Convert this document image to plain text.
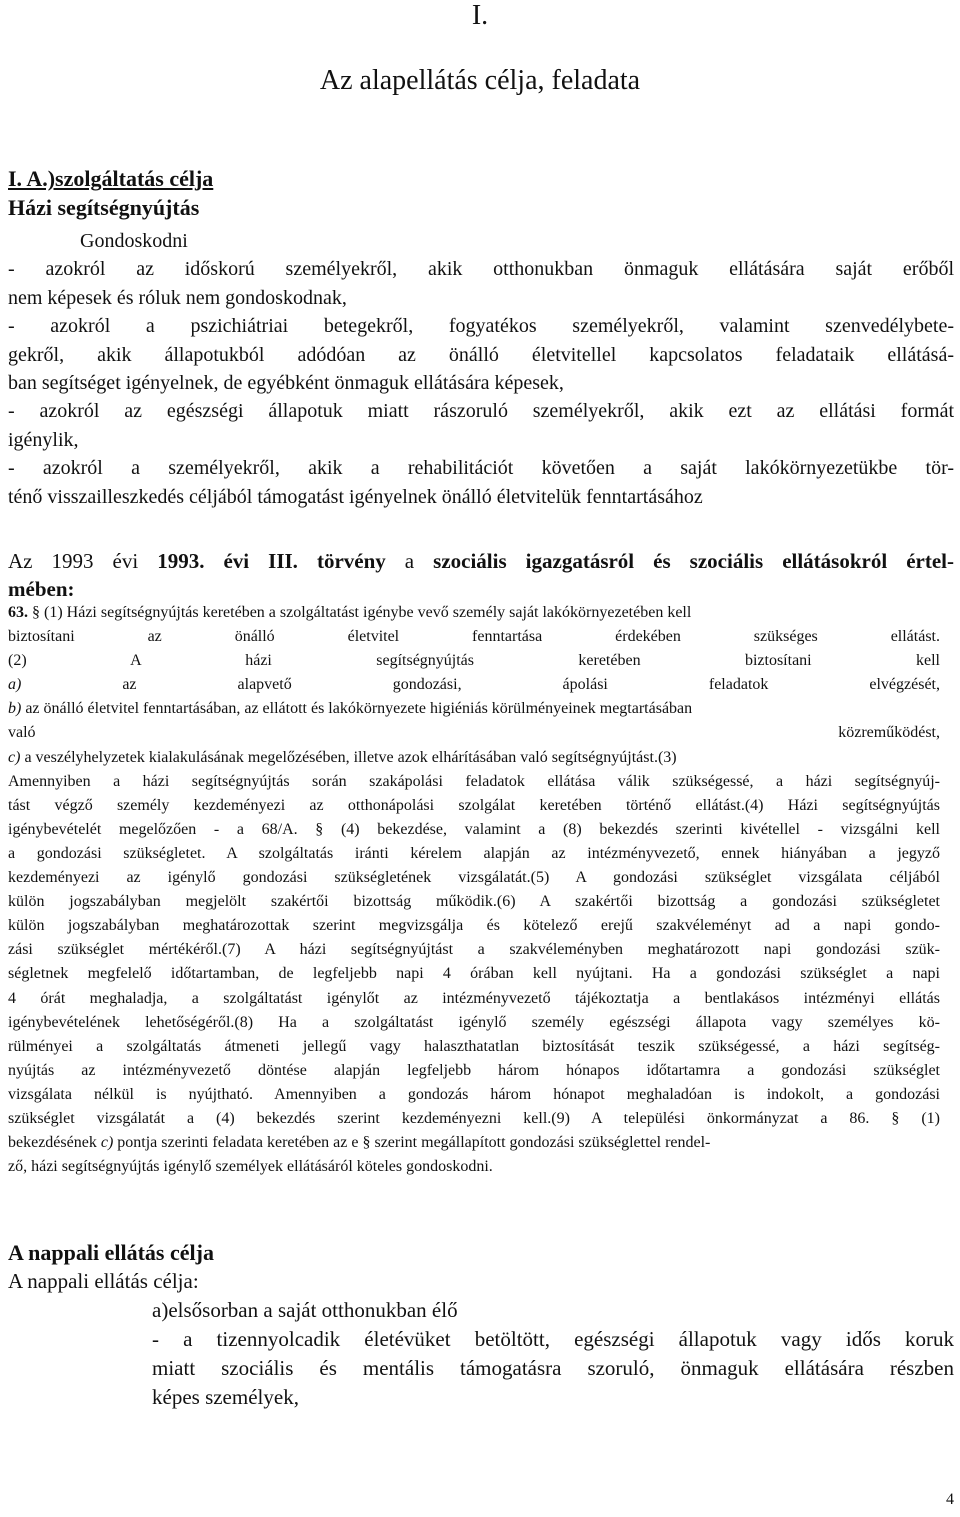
I.
Az alapellátás célja, feladata
I. A.)szolgáltatás célja
Házi segítségnyújtás
Gondoskodni
- azokról az időskorú személyekről, akik otthonukban önmaguk ellátására saját erőből
nem képesek és róluk nem gondoskodnak,
- azokról a pszichiátriai betegekről, fogyatékos személyekről, valamint szenvedélybete-
gekről, akik állapotukból adódóan az önálló életvitellel kapcsolatos feladataik ellátásá-
ban segítséget igényelnek, de egyébként önmaguk ellátására képesek,
- azokról az egészségi állapotuk miatt rászoruló személyekről, akik ezt az ellátási formát
igénylik,
- azokról a személyekről, akik a rehabilitációt követően a saját lakókörnyezetükbe tör-
ténő visszailleszkedés céljából támogatást igényelnek önálló életvitelük fenntartásához
Az 1993 évi 1993. évi III. törvény a szociális igazgatásról és szociális ellátásokról értel-
mében:
63. § (1) Házi segítségnyújtás keretében a szolgáltatást igénybe vevő személy saját lakókörnyezetében kell
biztosítani az önálló életvitel fenntartása érdekében szükséges ellátást.
(2) A házi segítségnyújtás keretében biztosítani kell
a)	az alapvető gondozási, ápolási feladatok elvégzését,
b) az önálló életvitel fenntartásában, az ellátott és lakókörnyezete higiéniás körülményeinek megtartásában
való közreműködést,
c) a veszélyhelyzetek kialakulásának megelőzésében, illetve azok elhárításában való segítségnyújtást.(3)
Amennyiben a házi segítségnyújtás során szakápolási feladatok ellátása válik szükségessé, a házi segítségnyúj-
tást végző személy kezdeményezi az otthonápolási szolgálat keretében történő ellátást.(4) Házi segítségnyújtás
igénybevételét megelőzően - a 68/A. § (4) bekezdése, valamint a (8) bekezdés szerinti kivétellel - vizsgálni kell
a gondozási szükségletet. A szolgáltatás iránti kérelem alapján az intézményvezető, ennek hiányában a jegyző
kezdeményezi az igénylő gondozási szükségletének vizsgálatát.(5) A gondozási szükséglet vizsgálata céljából
külön jogszabályban megjelölt szakértői bizottság működik.(6) A szakértői bizottság a gondozási szükségletet
külön jogszabályban meghatározottak szerint megvizsgálja és kötelező erejű szakvéleményt ad a napi gondo-
zási szükséglet mértékéről.(7) A házi segítségnyújtást a szakvéleményben meghatározott napi gondozási szük-
ségletnek megfelelő időtartamban, de legfeljebb napi 4 órában kell nyújtani. Ha a gondozási szükséglet a napi
4 órát meghaladja, a szolgáltatást igénylőt az intézményvezető tájékoztatja a bentlakásos intézményi ellátás
igénybevételének lehetőségéről.(8) Ha a szolgáltatást igénylő személy egészségi állapota vagy személyes kö-
rülményei a szolgáltatás átmeneti jellegű vagy halaszthatatlan biztosítását teszik szükségessé, a házi segítség-
nyújtás az intézményvezető döntése alapján legfeljebb három hónapos időtartamra a gondozási szükséglet
vizsgálata nélkül is nyújtható. Amennyiben a gondozás három hónapot meghaladóan is indokolt, a gondozási
szükséglet vizsgálatát a (4) bekezdés szerint kezdeményezni kell.(9) A települési önkormányzat a 86. § (1)
bekezdésének c) pontja szerinti feladata keretében az e § szerint megállapított gondozási szükséglettel rendel-
ző, házi segítségnyújtás igénylő személyek ellátásáról köteles gondoskodni.
A nappali ellátás célja
A nappali ellátás célja:
a)elsősorban a saját otthonukban élő
- a tizennyolcadik életévüket betöltött, egészségi állapotuk vagy idős koruk
miatt szociális és mentális támogatásra szoruló, önmaguk ellátására részben
képes személyek,
4
